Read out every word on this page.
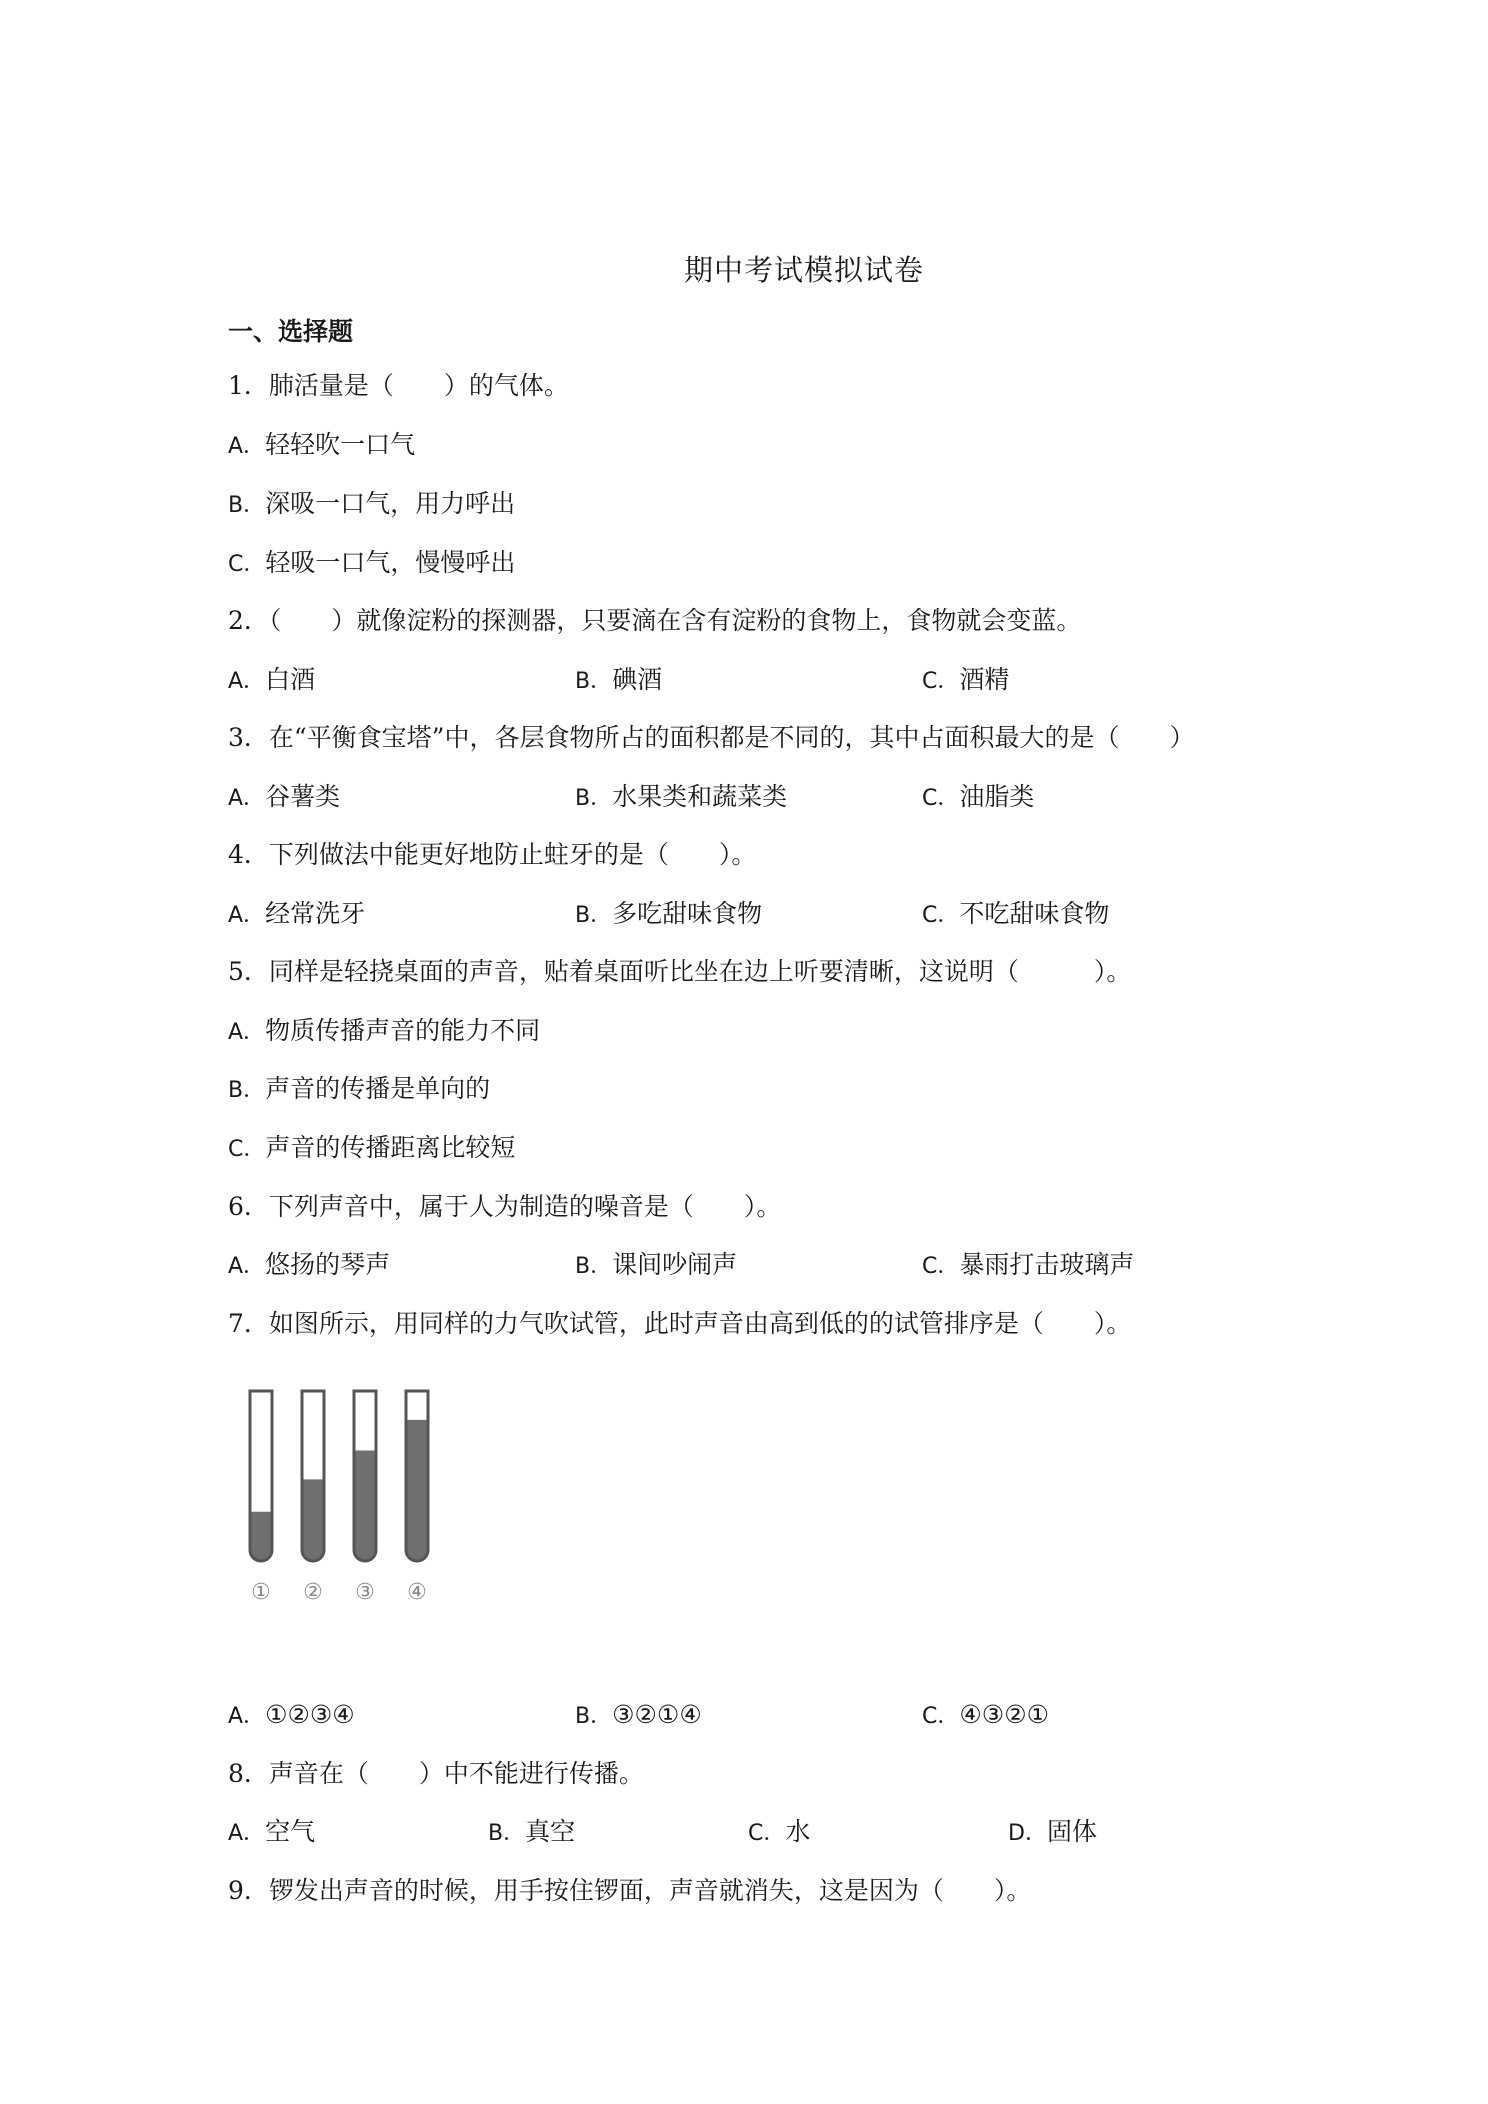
期中考试模拟试卷
一、选择题
1．肺活量是（　　）的气体。
A．轻轻吹一口气
B．深吸一口气，用力呼出
C．轻吸一口气，慢慢呼出
2．（　　）就像淀粉的探测器，只要滴在含有淀粉的食物上，食物就会变蓝。
A．白酒	B．碘酒	C．酒精
3．在“平衡食宝塔”中，各层食物所占的面积都是不同的，其中占面积最大的是（　　）
A．谷薯类	B．水果类和蔬菜类	C．油脂类
4．下列做法中能更好地防止蛀牙的是（　　）。
A．经常洗牙	B．多吃甜味食物	C．不吃甜味食物
5．同样是轻挠桌面的声音，贴着桌面听比坐在边上听要清晰，这说明（　　　）。
A．物质传播声音的能力不同
B．声音的传播是单向的
C．声音的传播距离比较短
6．下列声音中，属于人为制造的噪音是（　　）。
A．悠扬的琴声	B．课间吵闹声	C．暴雨打击玻璃声
7．如图所示，用同样的力气吹试管，此时声音由高到低的的试管排序是（　　）。
① ② ③ ④
A．①②③④	B．③②①④	C．④③②①
8．声音在（　　）中不能进行传播。
A．空气	B．真空	C．水	D．固体
9．锣发出声音的时候，用手按住锣面，声音就消失，这是因为（　　）。
